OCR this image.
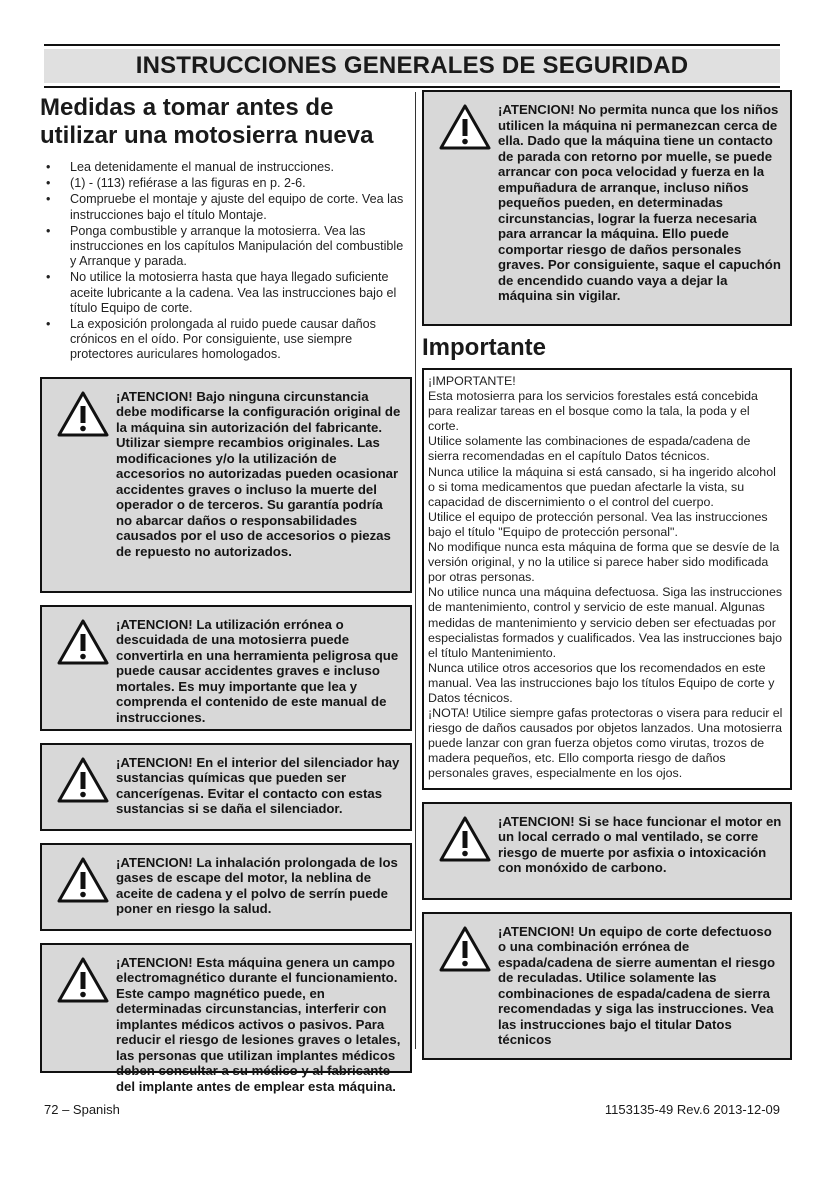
INSTRUCCIONES GENERALES DE SEGURIDAD
Medidas a tomar antes de utilizar una motosierra nueva
• Lea detenidamente el manual de instrucciones.
• (1) - (113) refiérase a las figuras en p. 2-6.
• Compruebe el montaje y ajuste del equipo de corte. Vea las instrucciones bajo el título Montaje.
• Ponga combustible y arranque la motosierra. Vea las instrucciones en los capítulos Manipulación del combustible y Arranque y parada.
• No utilice la motosierra hasta que haya llegado suficiente aceite lubricante a la cadena. Vea las instrucciones bajo el título Equipo de corte.
• La exposición prolongada al ruido puede causar daños crónicos en el oído. Por consiguiente, use siempre protectores auriculares homologados.
¡ATENCION! Bajo ninguna circunstancia debe modificarse la configuración original de la máquina sin autorización del fabricante. Utilizar siempre recambios originales. Las modificaciones y/o la utilización de accesorios no autorizadas pueden ocasionar accidentes graves o incluso la muerte del operador o de terceros. Su garantía podría no abarcar daños o responsabilidades causados por el uso de accesorios o piezas de repuesto no autorizados.
¡ATENCION! La utilización errónea o descuidada de una motosierra puede convertirla en una herramienta peligrosa que puede causar accidentes graves e incluso mortales. Es muy importante que lea y comprenda el contenido de este manual de instrucciones.
¡ATENCION! En el interior del silenciador hay sustancias químicas que pueden ser cancerígenas. Evitar el contacto con estas sustancias si se daña el silenciador.
¡ATENCION! La inhalación prolongada de los gases de escape del motor, la neblina de aceite de cadena y el polvo de serrín puede poner en riesgo la salud.
¡ATENCION! Esta máquina genera un campo electromagnético durante el funcionamiento. Este campo magnético puede, en determinadas circunstancias, interferir con implantes médicos activos o pasivos. Para reducir el riesgo de lesiones graves o letales, las personas que utilizan implantes médicos deben consultar a su médico y al fabricante del implante antes de emplear esta máquina.
¡ATENCION! No permita nunca que los niños utilicen la máquina ni permanezcan cerca de ella. Dado que la máquina tiene un contacto de parada con retorno por muelle, se puede arrancar con poca velocidad y fuerza en la empuñadura de arranque, incluso niños pequeños pueden, en determinadas circunstancias, lograr la fuerza necesaria para arrancar la máquina. Ello puede comportar riesgo de daños personales graves. Por consiguiente, saque el capuchón de encendido cuando vaya a dejar la máquina sin vigilar.
Importante
¡IMPORTANTE!
Esta motosierra para los servicios forestales está concebida para realizar tareas en el bosque como la tala, la poda y el corte.
Utilice solamente las combinaciones de espada/cadena de sierra recomendadas en el capítulo Datos técnicos.
Nunca utilice la máquina si está cansado, si ha ingerido alcohol o si toma medicamentos que puedan afectarle la vista, su capacidad de discernimiento o el control del cuerpo.
Utilice el equipo de protección personal. Vea las instrucciones bajo el título "Equipo de protección personal".
No modifique nunca esta máquina de forma que se desvíe de la versión original, y no la utilice si parece haber sido modificada por otras personas.
No utilice nunca una máquina defectuosa. Siga las instrucciones de mantenimiento, control y servicio de este manual. Algunas medidas de mantenimiento y servicio deben ser efectuadas por especialistas formados y cualificados. Vea las instrucciones bajo el título Mantenimiento.
Nunca utilice otros accesorios que los recomendados en este manual. Vea las instrucciones bajo los títulos Equipo de corte y Datos técnicos.
¡NOTA! Utilice siempre gafas protectoras o visera para reducir el riesgo de daños causados por objetos lanzados. Una motosierra puede lanzar con gran fuerza objetos como virutas, trozos de madera pequeños, etc. Ello comporta riesgo de daños personales graves, especialmente en los ojos.
¡ATENCION! Si se hace funcionar el motor en un local cerrado o mal ventilado, se corre riesgo de muerte por asfixia o intoxicación con monóxido de carbono.
¡ATENCION! Un equipo de corte defectuoso o una combinación errónea de espada/cadena de sierre aumentan el riesgo de reculadas. Utilice solamente las combinaciones de espada/cadena de sierra recomendadas y siga las instrucciones. Vea las instrucciones bajo el titular Datos técnicos
72 – Spanish	1153135-49 Rev.6 2013-12-09
